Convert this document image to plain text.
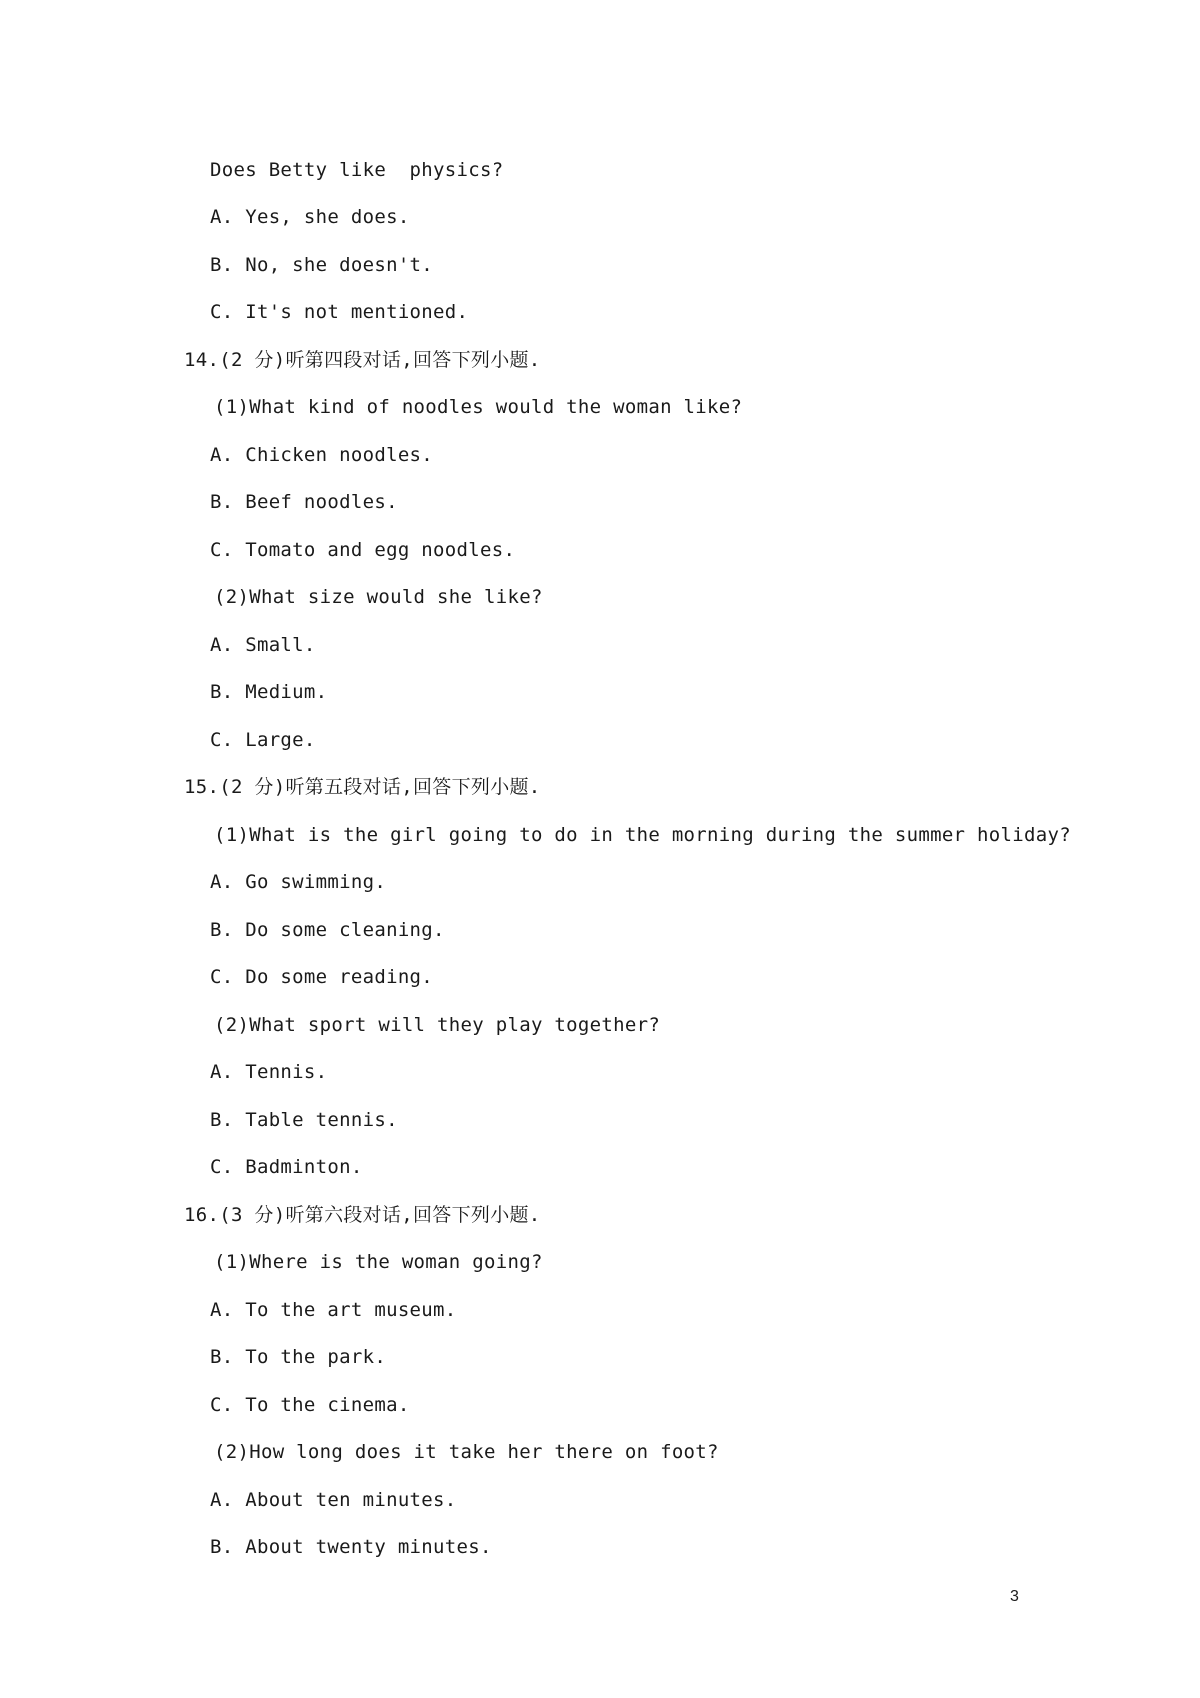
Does Betty like  physics?
A. Yes, she does.
B. No, she doesn't.
C. It's not mentioned.
14.(2 分)听第四段对话,回答下列小题.
(1)What kind of noodles would the woman like?
A. Chicken noodles.
B. Beef noodles.
C. Tomato and egg noodles.
(2)What size would she like?
A. Small.
B. Medium.
C. Large.
15.(2 分)听第五段对话,回答下列小题.
(1)What is the girl going to do in the morning during the summer holiday?
A. Go swimming.
B. Do some cleaning.
C. Do some reading.
(2)What sport will they play together?
A. Tennis.
B. Table tennis.
C. Badminton.
16.(3 分)听第六段对话,回答下列小题.
(1)Where is the woman going?
A. To the art museum.
B. To the park.
C. To the cinema.
(2)How long does it take her there on foot?
A. About ten minutes.
B. About twenty minutes.
3
